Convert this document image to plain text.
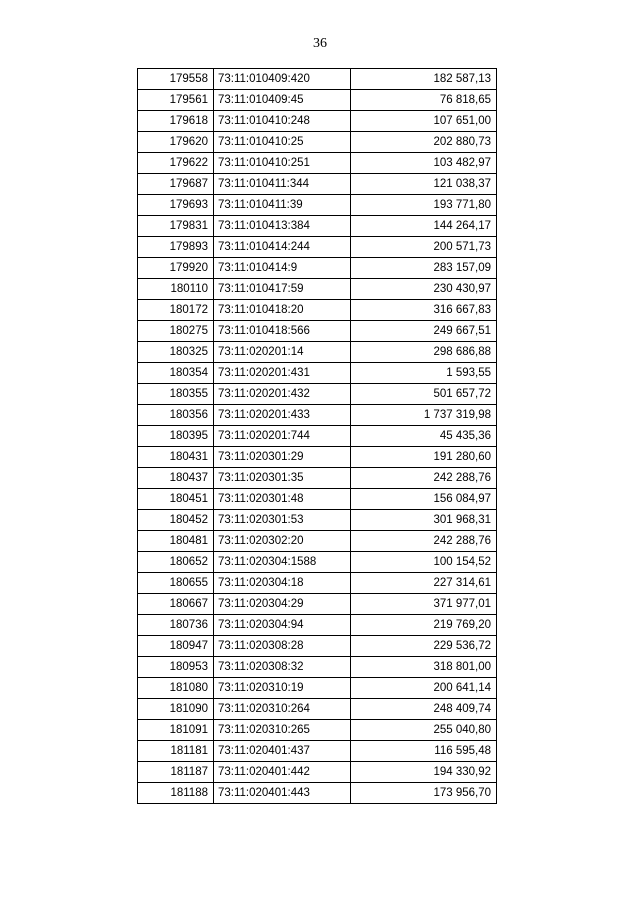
36
179558	73:11:010409:420	182 587,13
179561	73:11:010409:45	76 818,65
179618	73:11:010410:248	107 651,00
179620	73:11:010410:25	202 880,73
179622	73:11:010410:251	103 482,97
179687	73:11:010411:344	121 038,37
179693	73:11:010411:39	193 771,80
179831	73:11:010413:384	144 264,17
179893	73:11:010414:244	200 571,73
179920	73:11:010414:9	283 157,09
180110	73:11:010417:59	230 430,97
180172	73:11:010418:20	316 667,83
180275	73:11:010418:566	249 667,51
180325	73:11:020201:14	298 686,88
180354	73:11:020201:431	1 593,55
180355	73:11:020201:432	501 657,72
180356	73:11:020201:433	1 737 319,98
180395	73:11:020201:744	45 435,36
180431	73:11:020301:29	191 280,60
180437	73:11:020301:35	242 288,76
180451	73:11:020301:48	156 084,97
180452	73:11:020301:53	301 968,31
180481	73:11:020302:20	242 288,76
180652	73:11:020304:1588	100 154,52
180655	73:11:020304:18	227 314,61
180667	73:11:020304:29	371 977,01
180736	73:11:020304:94	219 769,20
180947	73:11:020308:28	229 536,72
180953	73:11:020308:32	318 801,00
181080	73:11:020310:19	200 641,14
181090	73:11:020310:264	248 409,74
181091	73:11:020310:265	255 040,80
181181	73:11:020401:437	116 595,48
181187	73:11:020401:442	194 330,92
181188	73:11:020401:443	173 956,70
